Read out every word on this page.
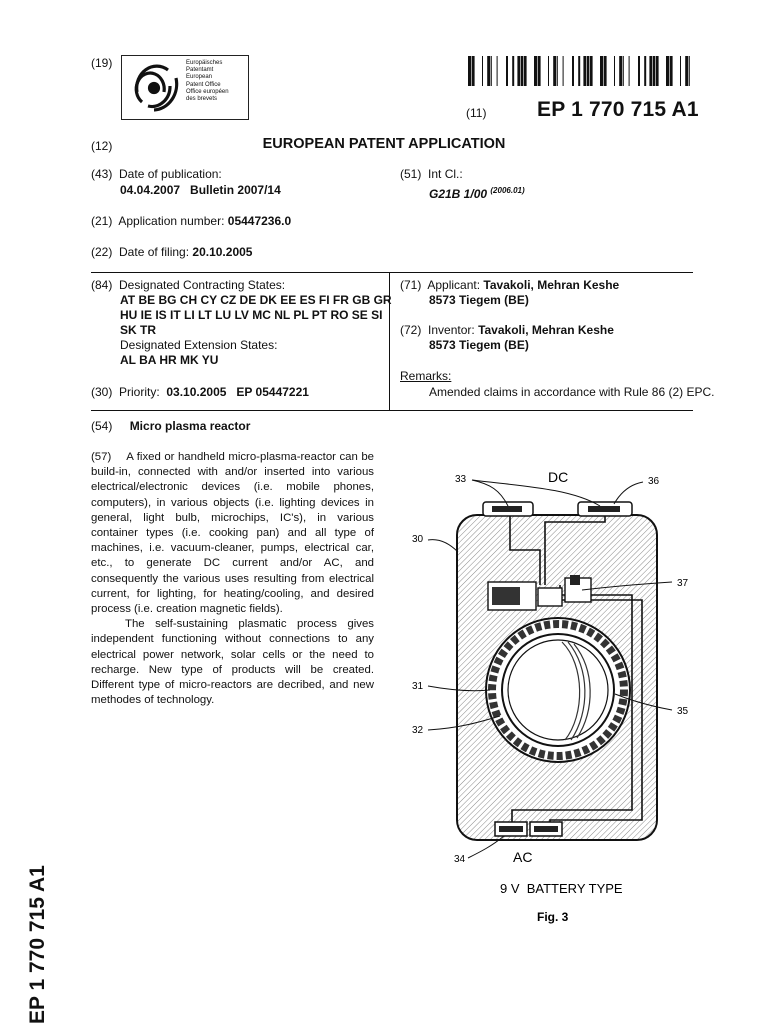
(19)	Europäisches
Patentamt
European
Patent Office
Office européen
des brevets
(11) EP 1 770 715 A1
(12)	EUROPEAN PATENT APPLICATION
(43) Date of publication:
04.04.2007   Bulletin 2007/14
(51) Int Cl.:
G21B 1/00 $^{(2006.01)}$
(21) Application number: 05447236.0
(22) Date of filing: 20.10.2005
(84) Designated Contracting States:
AT BE BG CH CY CZ DE DK EE ES FI FR GB GR
HU IE IS IT LI LT LU LV MC NL PL PT RO SE SI
SK TR
Designated Extension States:
AL BA HR MK YU
(71) Applicant: Tavakoli, Mehran Keshe
8573 Tiegem (BE)
(72) Inventor: Tavakoli, Mehran Keshe
8573 Tiegem (BE)
Remarks:
Amended claims in accordance with Rule 86 (2) EPC.
(30) Priority: 03.10.2005   EP 05447221
(54) Micro plasma reactor

(57) A fixed or handheld micro-plasma-reactor can be build-in, connected with and/or inserted into various electrical/electronic devices (i.e. mobile phones, computers), in various objects (i.e. lighting devices in general, light bulb, microchips, IC's), in various container types (i.e. cooking pan) and all type of machines, i.e. vacuum-cleaner, pumps, electrical car, etc., to generate DC current and/or AC, and consequently the various uses resulting from electrical current, for lighting, for heating/cooling, and desired process (i.e. creation magnetic fields).

The self-sustaining plasmatic process gives independent functioning without connections to any electrical power network, solar cells or the need to recharge. New type of products will be created. Different type of micro-reactors are decribed, and new methodes of technology.

DC
33	36
30
37
31
35
32
34	AC
9 V  BATTERY TYPE
Fig. 3
EP 1 770 715 A1
